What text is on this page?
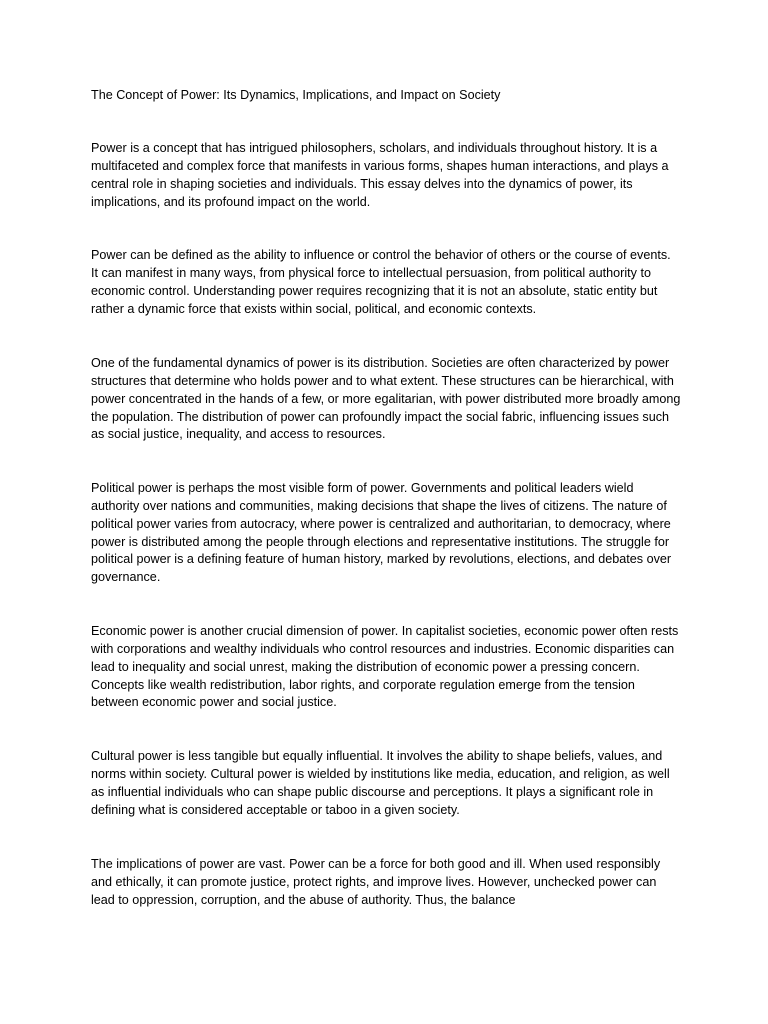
The Concept of Power: Its Dynamics, Implications, and Impact on Society

Power is a concept that has intrigued philosophers, scholars, and individuals throughout history. It is a multifaceted and complex force that manifests in various forms, shapes human interactions, and plays a central role in shaping societies and individuals. This essay delves into the dynamics of power, its implications, and its profound impact on the world.

Power can be defined as the ability to influence or control the behavior of others or the course of events. It can manifest in many ways, from physical force to intellectual persuasion, from political authority to economic control. Understanding power requires recognizing that it is not an absolute, static entity but rather a dynamic force that exists within social, political, and economic contexts.

One of the fundamental dynamics of power is its distribution. Societies are often characterized by power structures that determine who holds power and to what extent. These structures can be hierarchical, with power concentrated in the hands of a few, or more egalitarian, with power distributed more broadly among the population. The distribution of power can profoundly impact the social fabric, influencing issues such as social justice, inequality, and access to resources.

Political power is perhaps the most visible form of power. Governments and political leaders wield authority over nations and communities, making decisions that shape the lives of citizens. The nature of political power varies from autocracy, where power is centralized and authoritarian, to democracy, where power is distributed among the people through elections and representative institutions. The struggle for political power is a defining feature of human history, marked by revolutions, elections, and debates over governance.

Economic power is another crucial dimension of power. In capitalist societies, economic power often rests with corporations and wealthy individuals who control resources and industries. Economic disparities can lead to inequality and social unrest, making the distribution of economic power a pressing concern. Concepts like wealth redistribution, labor rights, and corporate regulation emerge from the tension between economic power and social justice.

Cultural power is less tangible but equally influential. It involves the ability to shape beliefs, values, and norms within society. Cultural power is wielded by institutions like media, education, and religion, as well as influential individuals who can shape public discourse and perceptions. It plays a significant role in defining what is considered acceptable or taboo in a given society.

The implications of power are vast. Power can be a force for both good and ill. When used responsibly and ethically, it can promote justice, protect rights, and improve lives. However, unchecked power can lead to oppression, corruption, and the abuse of authority. Thus, the balance
